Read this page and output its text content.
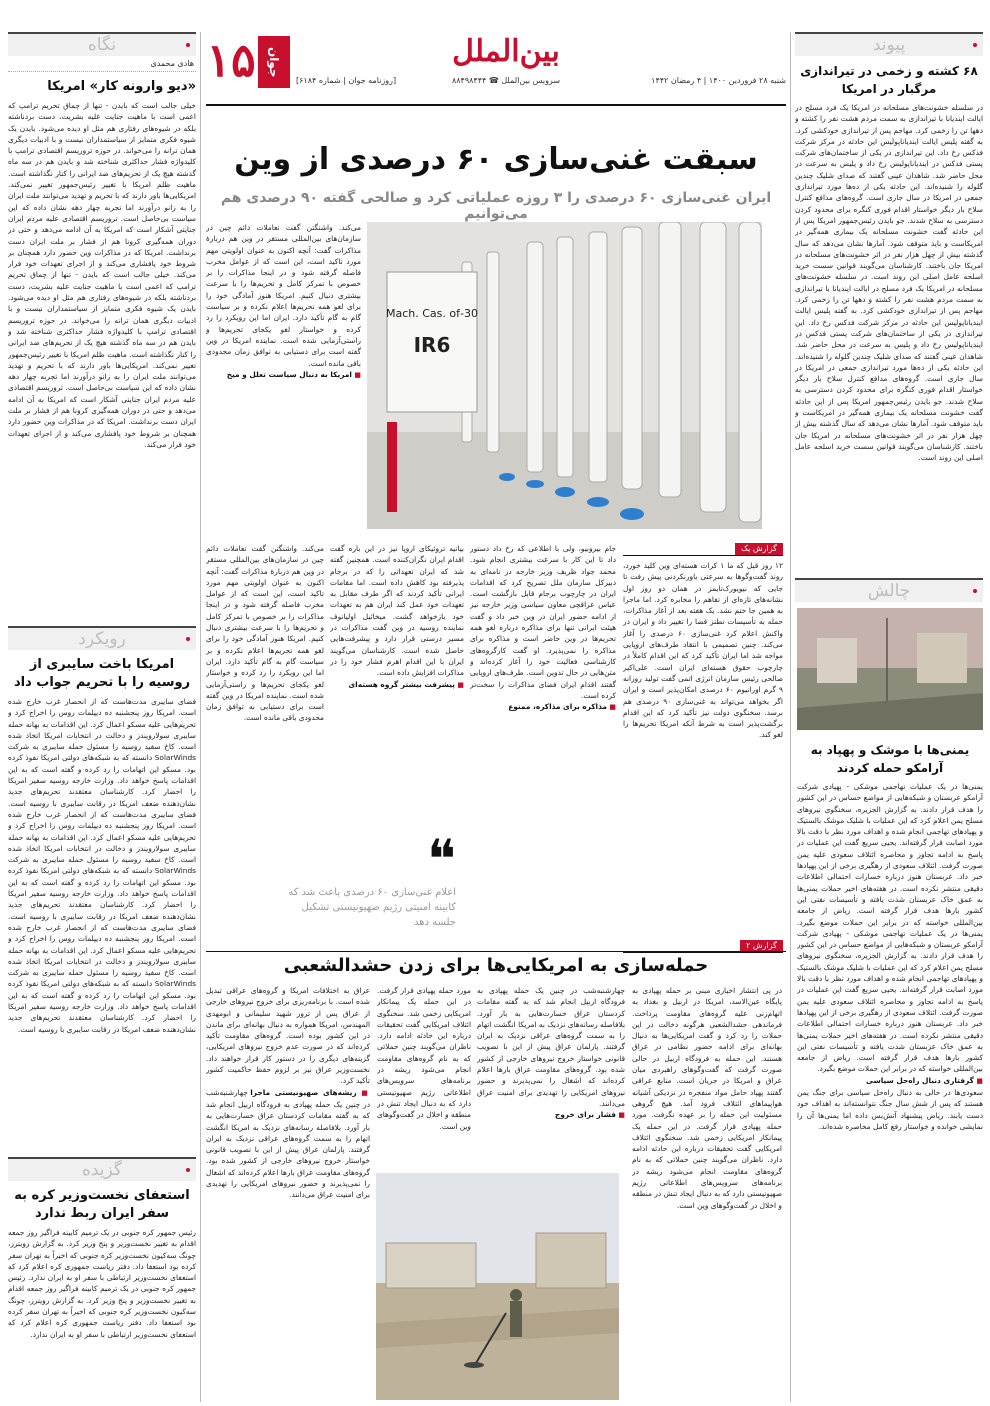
۱۵ جوان
[روزنامه جوان | شماره ۶۱۸۴]
بین‌الملل
سرویس بین‌الملل ☎ ۸۸۴۹۸۴۴۴	شنبه ۲۸ فروردین ۱۴۰۰ | ۴ رمضان ۱۴۴۲
سبقت غنی‌سازی ۶۰ درصدی از وین
ایران غنی‌سازی ۶۰ درصدی را ۳ روزه عملیاتی کرد و صالحی گفته ۹۰ درصدی هم می‌توانیم
30-Mach. Cas. of
IR6
می‌کند. واشنگتن گفت تعاملات دائم چین در سازمان‌های بین‌المللی مستقر در وین هم دربارهٔ مذاکرات گفت: آنچه اکنون به عنوان اولویتی مهم مورد تاکید است، این است که از عوامل مخرب فاصله گرفته شود و در اینجا مذاکرات را بر خصوص با تمرکز کامل و تحریم‌ها را با سرعت بیشتری دنبال کنیم. امریکا هنوز آمادگی خود را برای لغو همه تحریم‌ها اعلام نکرده و بر سیاست گام به گام تأکید دارد. ایران اما این رویکرد را رد کرده و خواستار لغو یکجای تحریم‌ها و راستی‌آزمایی شده است. نماینده امریکا در وین گفته است برای دستیابی به توافق زمان محدودی باقی مانده است.
■ امریکا به دنبال سیاست تعلل و میخ
گزارش یک
۱۲ روز قبل که ما ۱ کرات هسته‌ای وین کلید خورد، روند گفت‌وگوها به سرعتی باورنکردنی پیش رفت تا جایی که نیویورک‌تایمز در همان دو روز اول نشانه‌های تازه‌ای از تفاهم را مخابره کرد. اما ماجرا به همین جا ختم نشد. یک هفته بعد از آغاز مذاکرات، حمله به تأسیسات نطنز فضا را تغییر داد و ایران در واکنش اعلام کرد غنی‌سازی ۶۰ درصدی را آغاز می‌کند. چنین تصمیمی با انتقاد طرف‌های اروپایی مواجه شد اما ایران تأکید کرد که این اقدام کاملاً در چارچوب حقوق هسته‌ای ایران است. علی‌اکبر صالحی رئیس سازمان انرژی اتمی گفت تولید روزانه ۹ گرم اورانیوم ۶۰ درصدی امکان‌پذیر است و ایران اگر بخواهد می‌تواند به غنی‌سازی ۹۰ درصدی هم برسد. سخنگوی دولت نیز تأکید کرد که این اقدام برگشت‌پذیر است به شرط آنکه امریکا تحریم‌ها را لغو کند.
جام بیروبیو، ولی با اطلاعی که رخ داد دستور داد تا این کار با سرعت بیشتری انجام شود. محمد جواد ظریف وزیر خارجه در نامه‌ای به دبیرکل سازمان ملل تصریح کرد که اقدامات ایران در چارچوب برجام قابل بازگشت است. عباس عراقچی معاون سیاسی وزیر خارجه نیز از ادامه حضور ایران در وین خبر داد و گفت هیئت ایرانی تنها برای مذاکره درباره لغو همه تحریم‌ها در وین حاضر است و مذاکره برای مذاکره را نمی‌پذیرد. او گفت کارگروه‌های کارشناسی فعالیت خود را آغاز کرده‌اند و متن‌هایی در حال تدوین است. طرف‌های اروپایی گفتند اقدام ایران فضای مذاکرات را سخت‌تر کرده است.
■ مذاکره برای مذاکره، ممنوع
بیانیه تروئیکای اروپا نیز در این باره گفت اقدام ایران نگران‌کننده است. همچنین گفته شد که ایران تعهداتی را که در برجام پذیرفته بود کاهش داده است. اما مقامات ایرانی تأکید کردند که اگر طرف مقابل به تعهدات خود عمل کند ایران هم به تعهدات خود بازخواهد گشت. میخائیل اولیانوف نماینده روسیه در وین گفت مذاکرات در مسیر درستی قرار دارد و پیشرفت‌هایی حاصل شده است. کارشناسان می‌گویند ایران با این اقدام اهرم فشار خود را در مذاکرات افزایش داده است.
■ پیشرفت بیشتر گروه هسته‌ای
می‌کند. واشنگتن گفت تعاملات دائم چین در سازمان‌های بین‌المللی مستقر در وین هم دربارهٔ مذاکرات گفت: آنچه اکنون به عنوان اولویتی مهم مورد تاکید است، این است که از عوامل مخرب فاصله گرفته شود و در اینجا مذاکرات را بر خصوص با تمرکز کامل و تحریم‌ها را با سرعت بیشتری دنبال کنیم. امریکا هنوز آمادگی خود را برای لغو همه تحریم‌ها اعلام نکرده و بر سیاست گام به گام تأکید دارد. ایران اما این رویکرد را رد کرده و خواستار لغو یکجای تحریم‌ها و راستی‌آزمایی شده است. نماینده امریکا در وین گفته است برای دستیابی به توافق زمان محدودی باقی مانده است.
❝
اعلام غنی‌سازی ۶۰ درصدی باعث شد که کابینه امنیتی رژیم صهیونیستی تشکیل جلسه دهد
گزارش ۲
حمله‌سازی به امریکایی‌ها برای زدن حشدالشعبی
در پی انتشار اخباری مبنی بر حمله پهپادی به پایگاه عین‌الاسد، امریکا در اربیل و بغداد به اتهام‌زنی علیه گروه‌های مقاومت پرداخت. فرماندهی حشدالشعبی هرگونه دخالت در این حملات را رد کرد و گفت امریکایی‌ها به دنبال بهانه‌ای برای ادامه حضور نظامی در عراق هستند. این حمله به فرودگاه اربیل در حالی صورت گرفت که گفت‌وگوهای راهبردی میان عراق و امریکا در جریان است. منابع عراقی گفتند پهپاد حامل مواد منفجره در نزدیکی آشیانه هواپیماهای ائتلاف فرود آمد. هیچ گروهی مسئولیت این حمله را بر عهده نگرفت. مورد حمله پهپادی قرار گرفت. در این حمله یک پیمانکار امریکایی زخمی شد. سخنگوی ائتلاف امریکایی گفت تحقیقات درباره این حادثه ادامه دارد. ناظران می‌گویند چنین حملاتی که به نام گروه‌های مقاومت انجام می‌شود ریشه در برنامه‌های سرویس‌های اطلاعاتی رژیم صهیونیستی دارد که به دنبال ایجاد تنش در منطقه و اخلال در گفت‌وگوهای وین است.
چهارشنبه‌شب در چنین یک حمله پهپادی به فرودگاه اربیل انجام شد که به گفته مقامات کردستان عراق خسارت‌هایی به بار آورد. بلافاصله رسانه‌های نزدیک به امریکا انگشت اتهام را به سمت گروه‌های عراقی نزدیک به ایران گرفتند. پارلمان عراق پیش از این با تصویب قانونی خواستار خروج نیروهای خارجی از کشور شده بود. گروه‌های مقاومت عراق بارها اعلام کرده‌اند که اشغال را نمی‌پذیرند و حضور نیروهای امریکایی را تهدیدی برای امنیت عراق می‌دانند.
■ فشار برای خروج
مورد حمله پهپادی قرار گرفت. در این حمله یک پیمانکار امریکایی زخمی شد. سخنگوی ائتلاف امریکایی گفت تحقیقات درباره این حادثه ادامه دارد. ناظران می‌گویند چنین حملاتی که به نام گروه‌های مقاومت انجام می‌شود ریشه در برنامه‌های سرویس‌های اطلاعاتی رژیم صهیونیستی دارد که به دنبال ایجاد تنش در منطقه و اخلال در گفت‌وگوهای وین است.
عراق به اختلافات امریکا و گروه‌های عراقی تبدیل شده است. با برنامه‌ریزی برای خروج نیروهای خارجی از عراق پس از ترور شهید سلیمانی و ابومهدی المهندس، امریکا همواره به دنبال بهانه‌ای برای ماندن در این کشور بوده است. گروه‌های مقاومت تأکید کرده‌اند که در صورت عدم خروج نیروهای امریکایی، گزینه‌های دیگری را در دستور کار قرار خواهند داد. نخست‌وزیر عراق نیز بر لزوم حفظ حاکمیت کشور تأکید کرد.
■ ریشه‌های صهیونیستی ماجرا چهارشنبه‌شب در چنین یک حمله پهپادی به فرودگاه اربیل انجام شد که به گفته مقامات کردستان عراق خسارت‌هایی به بار آورد. بلافاصله رسانه‌های نزدیک به امریکا انگشت اتهام را به سمت گروه‌های عراقی نزدیک به ایران گرفتند. پارلمان عراق پیش از این با تصویب قانونی خواستار خروج نیروهای خارجی از کشور شده بود. گروه‌های مقاومت عراق بارها اعلام کرده‌اند که اشغال را نمی‌پذیرند و حضور نیروهای امریکایی را تهدیدی برای امنیت عراق می‌دانند.
نگاه
هادی محمدی
«دیو وارونه کار» امریکا
خیلی جالب است که بایدن - تنها از چماق تحریم ترامپ که اعمی است با ماهیت جنایت علیه بشریت، دست بردناشته بلکه در شیوه‌های رفتاری هم مثل او دیده می‌شود. بایدن یک شیوه فکری متمایز از سیاستمداران نیست و با ادبیات دیگری همان ترانه را می‌خواند. در حوزه تروریسم اقتصادی ترامپ با کلیدواژه فشار حداکثری شناخته شد و بایدن هم در سه ماه گذشته هیچ یک از تحریم‌های ضد ایرانی را کنار نگذاشته است. ماهیت ظلم امریکا با تغییر رئیس‌جمهور تغییر نمی‌کند. امریکایی‌ها باور دارند که با تحریم و تهدید می‌توانند ملت ایران را به زانو درآورند اما تجربه چهار دهه نشان داده که این سیاست بی‌حاصل است. تروریسم اقتصادی علیه مردم ایران جنایتی آشکار است که امریکا به آن ادامه می‌دهد و حتی در دوران همه‌گیری کرونا هم از فشار بر ملت ایران دست برنداشت. امریکا که در مذاکرات وین حضور دارد همچنان بر شروط خود پافشاری می‌کند و از اجرای تعهدات خود فرار می‌کند. خیلی جالب است که بایدن - تنها از چماق تحریم ترامپ که اعمی است با ماهیت جنایت علیه بشریت، دست بردناشته بلکه در شیوه‌های رفتاری هم مثل او دیده می‌شود. بایدن یک شیوه فکری متمایز از سیاستمداران نیست و با ادبیات دیگری همان ترانه را می‌خواند. در حوزه تروریسم اقتصادی ترامپ با کلیدواژه فشار حداکثری شناخته شد و بایدن هم در سه ماه گذشته هیچ یک از تحریم‌های ضد ایرانی را کنار نگذاشته است. ماهیت ظلم امریکا با تغییر رئیس‌جمهور تغییر نمی‌کند. امریکایی‌ها باور دارند که با تحریم و تهدید می‌توانند ملت ایران را به زانو درآورند اما تجربه چهار دهه نشان داده که این سیاست بی‌حاصل است. تروریسم اقتصادی علیه مردم ایران جنایتی آشکار است که امریکا به آن ادامه می‌دهد و حتی در دوران همه‌گیری کرونا هم از فشار بر ملت ایران دست برنداشت. امریکا که در مذاکرات وین حضور دارد همچنان بر شروط خود پافشاری می‌کند و از اجرای تعهدات خود فرار می‌کند.
رویکرد
امریکا باخت سایبری از روسیه را با تحریم جواب داد
فضای سایبری مدت‌هاست که از انحصار غرب خارج شده است. امریکا روز پنجشنبه ده دیپلمات روس را اخراج کرد و تحریم‌هایی علیه مسکو اعمال کرد. این اقدامات به بهانه حمله سایبری سولارویندز و دخالت در انتخابات امریکا اتخاذ شده است. کاخ سفید روسیه را مسئول حمله سایبری به شرکت SolarWinds دانسته که به شبکه‌های دولتی امریکا نفوذ کرده بود. مسکو این اتهامات را رد کرده و گفته است که به این اقدامات پاسخ خواهد داد. وزارت خارجه روسیه سفیر امریکا را احضار کرد. کارشناسان معتقدند تحریم‌های جدید نشان‌دهنده ضعف امریکا در رقابت سایبری با روسیه است. فضای سایبری مدت‌هاست که از انحصار غرب خارج شده است. امریکا روز پنجشنبه ده دیپلمات روس را اخراج کرد و تحریم‌هایی علیه مسکو اعمال کرد. این اقدامات به بهانه حمله سایبری سولارویندز و دخالت در انتخابات امریکا اتخاذ شده است. کاخ سفید روسیه را مسئول حمله سایبری به شرکت SolarWinds دانسته که به شبکه‌های دولتی امریکا نفوذ کرده بود. مسکو این اتهامات را رد کرده و گفته است که به این اقدامات پاسخ خواهد داد. وزارت خارجه روسیه سفیر امریکا را احضار کرد. کارشناسان معتقدند تحریم‌های جدید نشان‌دهنده ضعف امریکا در رقابت سایبری با روسیه است. فضای سایبری مدت‌هاست که از انحصار غرب خارج شده است. امریکا روز پنجشنبه ده دیپلمات روس را اخراج کرد و تحریم‌هایی علیه مسکو اعمال کرد. این اقدامات به بهانه حمله سایبری سولارویندز و دخالت در انتخابات امریکا اتخاذ شده است. کاخ سفید روسیه را مسئول حمله سایبری به شرکت SolarWinds دانسته که به شبکه‌های دولتی امریکا نفوذ کرده بود. مسکو این اتهامات را رد کرده و گفته است که به این اقدامات پاسخ خواهد داد. وزارت خارجه روسیه سفیر امریکا را احضار کرد. کارشناسان معتقدند تحریم‌های جدید نشان‌دهنده ضعف امریکا در رقابت سایبری با روسیه است.
گزیده
استعفای نخست‌وزیر کره به سفر ایران ربط ندارد
رئیس جمهور کره جنوبی در یک ترمیم کابینه فراگیر روز جمعه اقدام به تغییر نخست‌وزیر و پنج وزیر کرد. به گزارش رویترز، چونگ سه‌کیون نخست‌وزیر کره جنوبی که اخیراً به تهران سفر کرده بود استعفا داد. دفتر ریاست جمهوری کره اعلام کرد که استعفای نخست‌وزیر ارتباطی با سفر او به ایران ندارد. رئیس جمهور کره جنوبی در یک ترمیم کابینه فراگیر روز جمعه اقدام به تغییر نخست‌وزیر و پنج وزیر کرد. به گزارش رویترز، چونگ سه‌کیون نخست‌وزیر کره جنوبی که اخیراً به تهران سفر کرده بود استعفا داد. دفتر ریاست جمهوری کره اعلام کرد که استعفای نخست‌وزیر ارتباطی با سفر او به ایران ندارد.
پیوند
۶۸ کشته و زخمی در تیراندازی مرگبار در امریکا
در سلسله خشونت‌های مسلحانه در امریکا یک فرد مسلح در ایالت ایندیانا با تیراندازی به سمت مردم هشت نفر را کشته و دهها تن را زخمی کرد. مهاجم پس از تیراندازی خودکشی کرد. به گفته پلیس ایالت ایندیاناپولیس این حادثه در مرکز شرکت فدکس رخ داد. این تیراندازی در یکی از ساختمان‌های شرکت پستی فدکس در ایندیاناپولیس رخ داد و پلیس به سرعت در محل حاضر شد. شاهدان عینی گفتند که صدای شلیک چندین گلوله را شنیده‌اند. این حادثه یکی از ده‌ها مورد تیراندازی جمعی در امریکا در سال جاری است. گروه‌های مدافع کنترل سلاح بار دیگر خواستار اقدام فوری کنگره برای محدود کردن دسترسی به سلاح شدند. جو بایدن رئیس‌جمهور امریکا پس از این حادثه گفت خشونت مسلحانه یک بیماری همه‌گیر در امریکاست و باید متوقف شود. آمارها نشان می‌دهد که سال گذشته بیش از چهل هزار نفر در اثر خشونت‌های مسلحانه در امریکا جان باختند. کارشناسان می‌گویند قوانین سست خرید اسلحه عامل اصلی این روند است. در سلسله خشونت‌های مسلحانه در امریکا یک فرد مسلح در ایالت ایندیانا با تیراندازی به سمت مردم هشت نفر را کشته و دهها تن را زخمی کرد. مهاجم پس از تیراندازی خودکشی کرد. به گفته پلیس ایالت ایندیاناپولیس این حادثه در مرکز شرکت فدکس رخ داد. این تیراندازی در یکی از ساختمان‌های شرکت پستی فدکس در ایندیاناپولیس رخ داد و پلیس به سرعت در محل حاضر شد. شاهدان عینی گفتند که صدای شلیک چندین گلوله را شنیده‌اند. این حادثه یکی از ده‌ها مورد تیراندازی جمعی در امریکا در سال جاری است. گروه‌های مدافع کنترل سلاح بار دیگر خواستار اقدام فوری کنگره برای محدود کردن دسترسی به سلاح شدند. جو بایدن رئیس‌جمهور امریکا پس از این حادثه گفت خشونت مسلحانه یک بیماری همه‌گیر در امریکاست و باید متوقف شود. آمارها نشان می‌دهد که سال گذشته بیش از چهل هزار نفر در اثر خشونت‌های مسلحانه در امریکا جان باختند. کارشناسان می‌گویند قوانین سست خرید اسلحه عامل اصلی این روند است.
چالش
یمنی‌ها با موشک و پهپاد به آرامکو حمله کردند
یمنی‌ها در یک عملیات تهاجمی موشکی - پهپادی شرکت آرامکو عربستان و شبکه‌هایی از مواضع حساس در این کشور را هدف قرار دادند. به گزارش الجزیره، سخنگوی نیروهای مسلح یمن اعلام کرد که این عملیات با شلیک موشک بالستیک و پهپادهای تهاجمی انجام شده و اهداف مورد نظر با دقت بالا مورد اصابت قرار گرفته‌اند. یحیی سریع گفت این عملیات در پاسخ به ادامه تجاوز و محاصره ائتلاف سعودی علیه یمن صورت گرفت. ائتلاف سعودی از رهگیری برخی از این پهپادها خبر داد. عربستان هنوز درباره خسارات احتمالی اطلاعات دقیقی منتشر نکرده است. در هفته‌های اخیر حملات یمنی‌ها به عمق خاک عربستان شدت یافته و تأسیسات نفتی این کشور بارها هدف قرار گرفته است. ریاض از جامعه بین‌المللی خواسته که در برابر این حملات موضع بگیرد. یمنی‌ها در یک عملیات تهاجمی موشکی - پهپادی شرکت آرامکو عربستان و شبکه‌هایی از مواضع حساس در این کشور را هدف قرار دادند. به گزارش الجزیره، سخنگوی نیروهای مسلح یمن اعلام کرد که این عملیات با شلیک موشک بالستیک و پهپادهای تهاجمی انجام شده و اهداف مورد نظر با دقت بالا مورد اصابت قرار گرفته‌اند. یحیی سریع گفت این عملیات در پاسخ به ادامه تجاوز و محاصره ائتلاف سعودی علیه یمن صورت گرفت. ائتلاف سعودی از رهگیری برخی از این پهپادها خبر داد. عربستان هنوز درباره خسارات احتمالی اطلاعات دقیقی منتشر نکرده است. در هفته‌های اخیر حملات یمنی‌ها به عمق خاک عربستان شدت یافته و تأسیسات نفتی این کشور بارها هدف قرار گرفته است. ریاض از جامعه بین‌المللی خواسته که در برابر این حملات موضع بگیرد.
■ گرفتاری دنبال راه‌حل سیاسی
سعودی‌ها در حالی به دنبال راه‌حل سیاسی برای جنگ یمن هستند که پس از شش سال جنگ نتوانسته‌اند به اهداف خود دست یابند. ریاض پیشنهاد آتش‌بس داده اما یمنی‌ها آن را نمایشی خوانده و خواستار رفع کامل محاصره شده‌اند.
